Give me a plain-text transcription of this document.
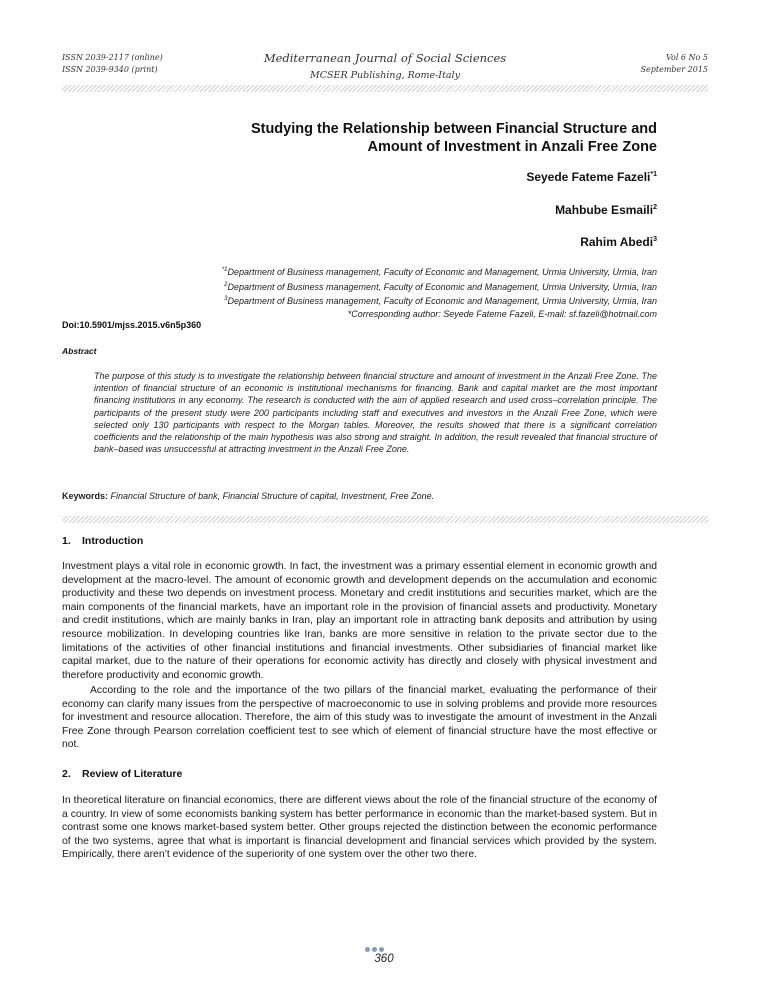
ISSN 2039-2117 (online)
ISSN 2039-9340 (print)
Mediterranean Journal of Social Sciences
MCSER Publishing, Rome-Italy
Vol 6 No 5
September 2015
Studying the Relationship between Financial Structure and
Amount of Investment in Anzali Free Zone
Seyede Fateme Fazeli$^{*1}$
Mahbube Esmaili$^2$
Rahim Abedi$^3$
$^{*1}$Department of Business management, Faculty of Economic and Management, Urmia University, Urmia, Iran
$^2$Department of Business management, Faculty of Economic and Management, Urmia University, Urmia, Iran
$^3$Department of Business management, Faculty of Economic and Management, Urmia University, Urmia, Iran
*Corresponding author: Seyede Fateme Fazeli, E-mail: sf.fazeli@hotmail.com
Doi:10.5901/mjss.2015.v6n5p360
Abstract
The purpose of this study is to investigate the relationship between financial structure and amount of investment in the Anzali Free Zone. The intention of financial structure of an economic is institutional mechanisms for financing. Bank and capital market are the most important financing institutions in any economy. The research is conducted with the aim of applied research and used cross–correlation principle. The participants of the present study were 200 participants including staff and executives and investors in the Anzali Free Zone, which were selected only 130 participants with respect to the Morgan tables. Moreover, the results showed that there is a significant correlation coefficients and the relationship of the main hypothesis was also strong and straight. In addition, the result revealed that financial structure of bank–based was unsuccessful at attracting investment in the Anzali Free Zone.
Keywords: Financial Structure of bank, Financial Structure of capital, Investment, Free Zone.
1. Introduction
Investment plays a vital role in economic growth. In fact, the investment was a primary essential element in economic growth and development at the macro-level. The amount of economic growth and development depends on the accumulation and economic productivity and these two depends on investment process. Monetary and credit institutions and securities market, which are the main components of the financial markets, have an important role in the provision of financial assets and productivity. Monetary and credit institutions, which are mainly banks in Iran, play an important role in attracting bank deposits and attribution by using resource mobilization. In developing countries like Iran, banks are more sensitive in relation to the private sector due to the limitations of the activities of other financial institutions and financial investments. Other subsidiaries of financial market like capital market, due to the nature of their operations for economic activity has directly and closely with physical investment and therefore productivity and economic growth.
According to the role and the importance of the two pillars of the financial market, evaluating the performance of their economy can clarify many issues from the perspective of macroeconomic to use in solving problems and provide more resources for investment and resource allocation. Therefore, the aim of this study was to investigate the amount of investment in the Anzali Free Zone through Pearson correlation coefficient test to see which of element of financial structure have the most effective or not.
2. Review of Literature
In theoretical literature on financial economics, there are different views about the role of the financial structure of the economy of a country. In view of some economists banking system has better performance in economic than the market-based system. But in contrast some one knows market-based system better. Other groups rejected the distinction between the economic performance of the two systems, agree that what is important is financial development and financial services which provided by the system. Empirically, there aren’t evidence of the superiority of one system over the other two there.
360
